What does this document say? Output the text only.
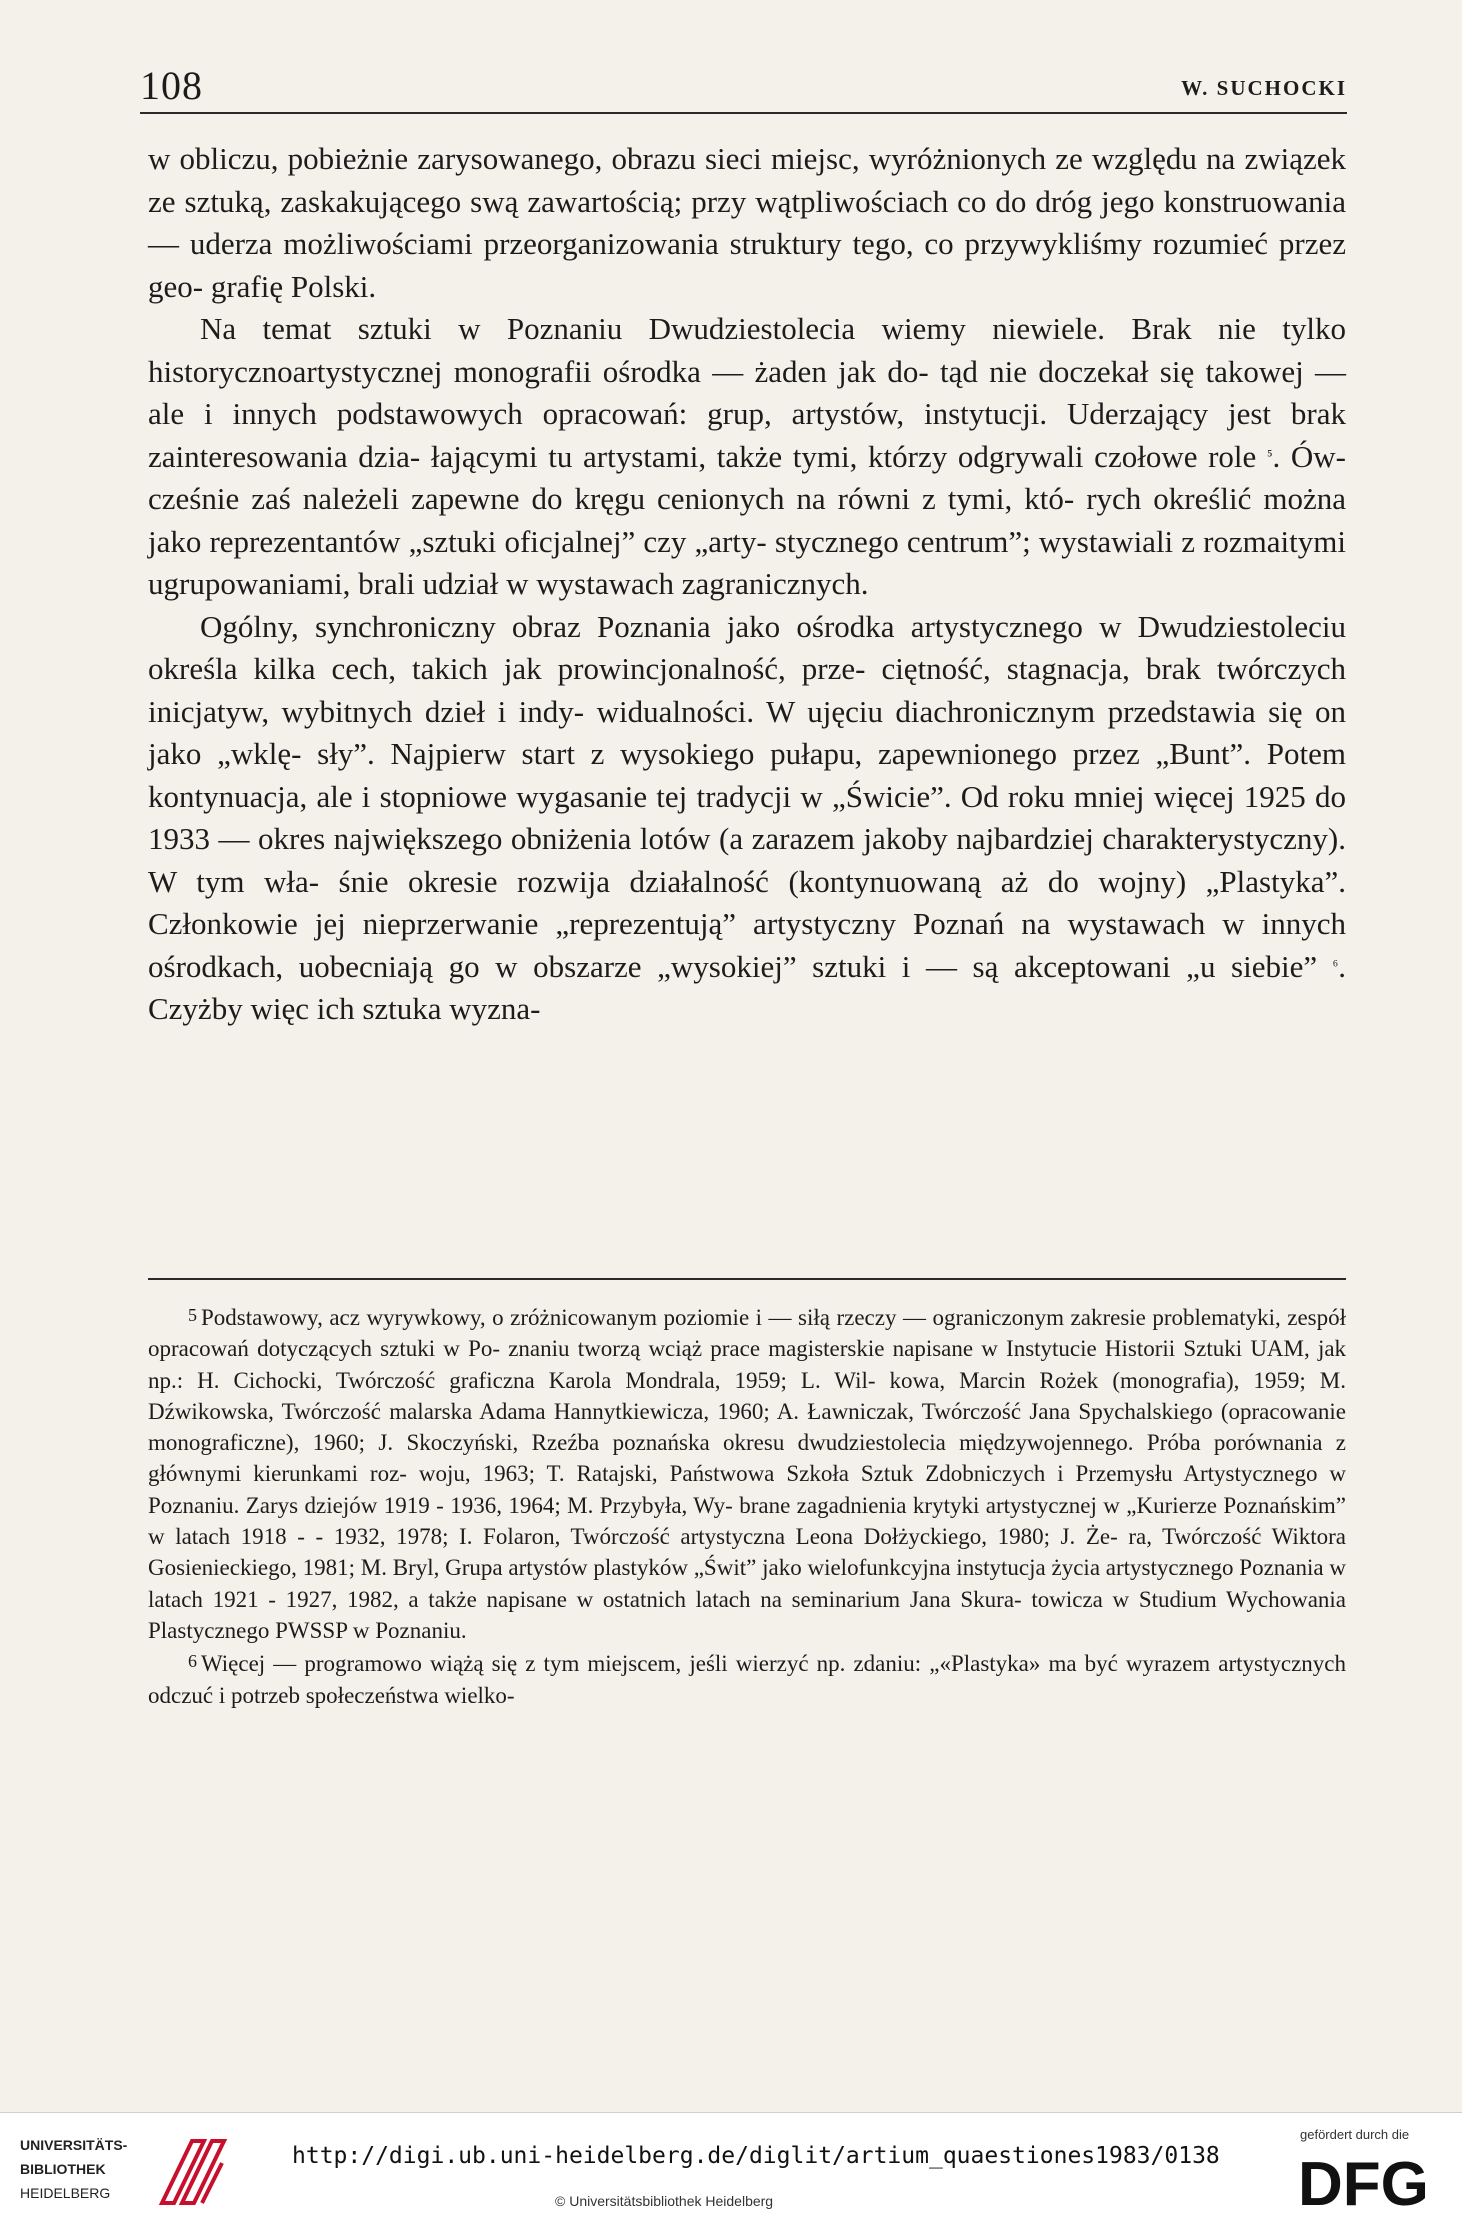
108	W. SUCHOCKI

w obliczu, pobieżnie zarysowanego, obrazu sieci miejsc, wyróżnionych ze względu na związek ze sztuką, zaskakującego swą zawartością; przy wątpliwościach co do dróg jego konstruowania — uderza możliwościami przeorganizowania struktury tego, co przywykliśmy rozumieć przez geo- grafię Polski.

Na temat sztuki w Poznaniu Dwudziestolecia wiemy niewiele. Brak nie tylko historycznoartystycznej monografii ośrodka — żaden jak do- tąd nie doczekał się takowej — ale i innych podstawowych opracowań: grup, artystów, instytucji. Uderzający jest brak zainteresowania dzia- łającymi tu artystami, także tymi, którzy odgrywali czołowe role ⁵. Ów- cześnie zaś należeli zapewne do kręgu cenionych na równi z tymi, któ- rych określić można jako reprezentantów „sztuki oficjalnej” czy „arty- stycznego centrum”; wystawiali z rozmaitymi ugrupowaniami, brali udział w wystawach zagranicznych.

Ogólny, synchroniczny obraz Poznania jako ośrodka artystycznego w Dwudziestoleciu określa kilka cech, takich jak prowincjonalność, prze- ciętność, stagnacja, brak twórczych inicjatyw, wybitnych dzieł i indy- widualności. W ujęciu diachronicznym przedstawia się on jako „wklę- sły”. Najpierw start z wysokiego pułapu, zapewnionego przez „Bunt”. Potem kontynuacja, ale i stopniowe wygasanie tej tradycji w „Świcie”. Od roku mniej więcej 1925 do 1933 — okres największego obniżenia lotów (a zarazem jakoby najbardziej charakterystyczny). W tym wła- śnie okresie rozwija działalność (kontynuowaną aż do wojny) „Plastyka”. Członkowie jej nieprzerwanie „reprezentują” artystyczny Poznań na wystawach w innych ośrodkach, uobecniają go w obszarze „wysokiej” sztuki i — są akceptowani „u siebie” ⁶. Czyżby więc ich sztuka wyzna-

5 Podstawowy, acz wyrywkowy, o zróżnicowanym poziomie i — siłą rzeczy — ograniczonym zakresie problematyki, zespół opracowań dotyczących sztuki w Po- znaniu tworzą wciąż prace magisterskie napisane w Instytucie Historii Sztuki UAM, jak np.: H. Cichocki, Twórczość graficzna Karola Mondrala, 1959; L. Wil- kowa, Marcin Rożek (monografia), 1959; M. Dźwikowska, Twórczość malarska Adama Hannytkiewicza, 1960; A. Ławniczak, Twórczość Jana Spychalskiego (opracowanie monograficzne), 1960; J. Skoczyński, Rzeźba poznańska okresu dwudziestolecia międzywojennego. Próba porównania z głównymi kierunkami roz- woju, 1963; T. Ratajski, Państwowa Szkoła Sztuk Zdobniczych i Przemysłu Artystycznego w Poznaniu. Zarys dziejów 1919 - 1936, 1964; M. Przybyła, Wy- brane zagadnienia krytyki artystycznej w „Kurierze Poznańskim” w latach 1918 - - 1932, 1978; I. Folaron, Twórczość artystyczna Leona Dołżyckiego, 1980; J. Że- ra, Twórczość Wiktora Gosienieckiego, 1981; M. Bryl, Grupa artystów plastyków „Świt” jako wielofunkcyjna instytucja życia artystycznego Poznania w latach 1921 - 1927, 1982, a także napisane w ostatnich latach na seminarium Jana Skura- towicza w Studium Wychowania Plastycznego PWSSP w Poznaniu.

6 Więcej — programowo wiążą się z tym miejscem, jeśli wierzyć np. zdaniu: „«Plastyka» ma być wyrazem artystycznych odczuć i potrzeb społeczeństwa wielko-

UNIVERSITÄTS-
BIBLIOTHEK
HEIDELBERG
http://digi.ub.uni-heidelberg.de/diglit/artium_quaestiones1983/0138
© Universitätsbibliothek Heidelberg
gefördert durch die
DFG
